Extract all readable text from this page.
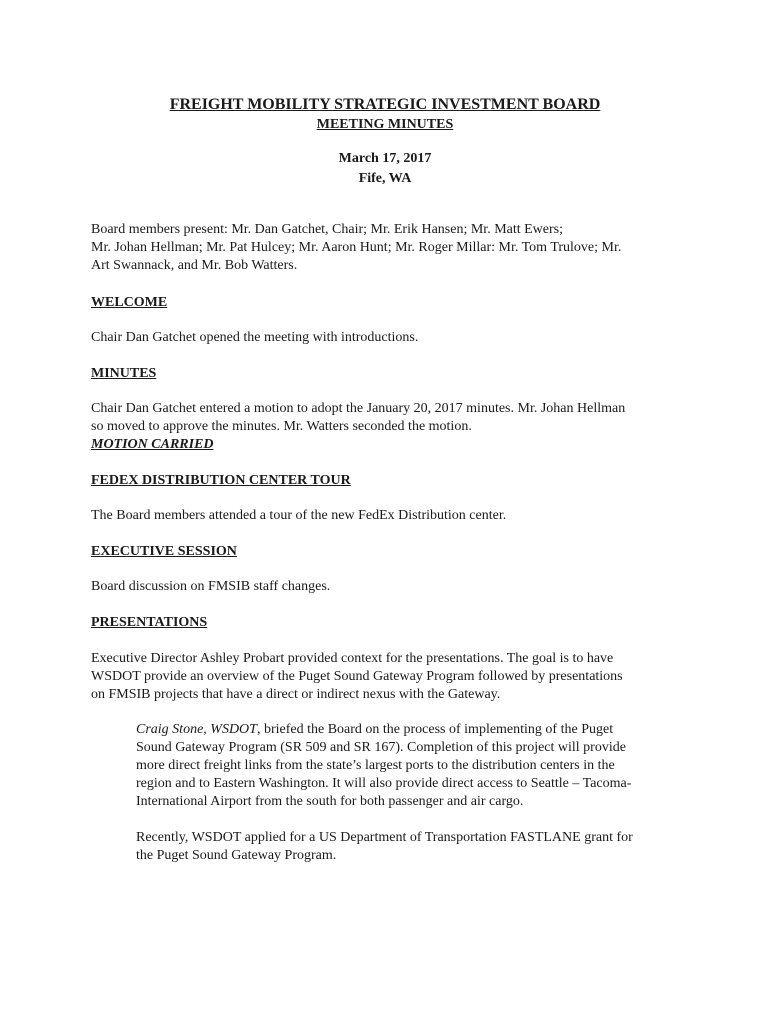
FREIGHT MOBILITY STRATEGIC INVESTMENT BOARD
MEETING MINUTES
March 17, 2017
Fife, WA
Board members present: Mr. Dan Gatchet, Chair; Mr. Erik Hansen; Mr. Matt Ewers;
Mr. Johan Hellman; Mr. Pat Hulcey; Mr. Aaron Hunt; Mr. Roger Millar: Mr. Tom Trulove; Mr.
Art Swannack, and Mr. Bob Watters.
WELCOME
Chair Dan Gatchet opened the meeting with introductions.
MINUTES
Chair Dan Gatchet entered a motion to adopt the January 20, 2017 minutes. Mr. Johan Hellman
so moved to approve the minutes. Mr. Watters seconded the motion.
MOTION CARRIED
FEDEX DISTRIBUTION CENTER TOUR
The Board members attended a tour of the new FedEx Distribution center.
EXECUTIVE SESSION
Board discussion on FMSIB staff changes.
PRESENTATIONS
Executive Director Ashley Probart provided context for the presentations. The goal is to have
WSDOT provide an overview of the Puget Sound Gateway Program followed by presentations
on FMSIB projects that have a direct or indirect nexus with the Gateway.
Craig Stone, WSDOT, briefed the Board on the process of implementing of the Puget
Sound Gateway Program (SR 509 and SR 167). Completion of this project will provide
more direct freight links from the state’s largest ports to the distribution centers in the
region and to Eastern Washington. It will also provide direct access to Seattle – Tacoma-
International Airport from the south for both passenger and air cargo.
Recently, WSDOT applied for a US Department of Transportation FASTLANE grant for
the Puget Sound Gateway Program.
